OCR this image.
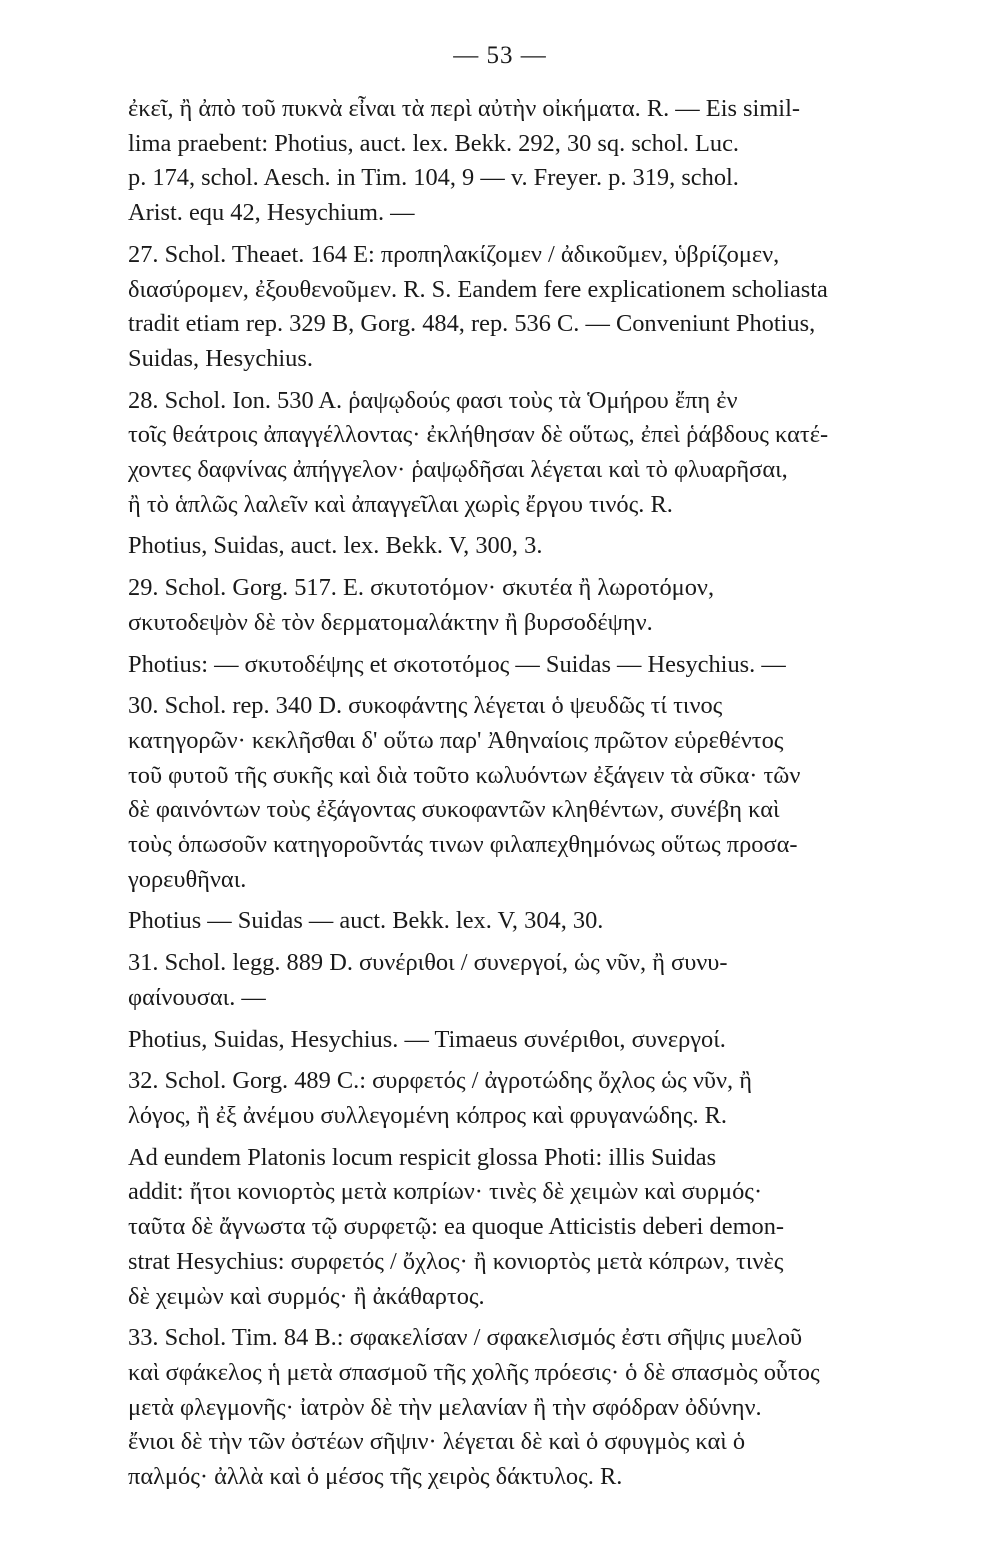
— 53 —
ἐκεῖ, ἢ ἀπὸ τοῦ πυκνὰ εἶναι τὰ περὶ αὐτὴν οἰκήματα. R. — Eis simil-
lima praebent: Photius, auct. lex. Bekk. 292, 30 sq. schol. Luc.
p. 174, schol. Aesch. in Tim. 104, 9 — v. Freyer. p. 319, schol.
Arist. equ 42, Hesychium. —
27. Schol. Theaet. 164 E: προπηλακίζομεν / ἀδικοῦμεν, ὑβρίζομεν,
διασύρομεν, ἐξουθενοῦμεν. R. S. Eandem fere explicationem scholiasta
tradit etiam rep. 329 B, Gorg. 484, rep. 536 C. — Conveniunt Photius,
Suidas, Hesychius.
28. Schol. Ion. 530 A. ῥαψῳδούς φασι τοὺς τὰ Ὁμήρου ἔπη ἐν
τοῖς θεάτροις ἀπαγγέλλοντας· ἐκλήθησαν δὲ οὕτως, ἐπεὶ ῥάβδους κατέ-
χοντες δαφνίνας ἀπήγγελον· ῥαψῳδῆσαι λέγεται καὶ τὸ φλυαρῆσαι,
ἢ τὸ ἁπλῶς λαλεῖν καὶ ἀπαγγεῖλαι χωρὶς ἔργου τινός. R.
Photius, Suidas, auct. lex. Bekk. V, 300, 3.
29. Schol. Gorg. 517. E. σκυτοτόμον· σκυτέα ἢ λωροτόμον,
σκυτοδεψὸν δὲ τὸν δερματομαλάκτην ἢ βυρσοδέψην.
Photius: — σκυτοδέψης et σκοτοτόμος — Suidas — Hesychius. —
30. Schol. rep. 340 D. συκοφάντης λέγεται ὁ ψευδῶς τί τινος
κατηγορῶν· κεκλῆσθαι δ' οὕτω παρ' Ἀθηναίοις πρῶτον εὑρεθέντος
τοῦ φυτοῦ τῆς συκῆς καὶ διὰ τοῦτο κωλυόντων ἐξάγειν τὰ σῦκα· τῶν
δὲ φαινόντων τοὺς ἐξάγοντας συκοφαντῶν κληθέντων, συνέβη καὶ
τοὺς ὁπωσοῦν κατηγοροῦντάς τινων φιλαπεχθημόνως οὕτως προσα-
γορευθῆναι.
Photius — Suidas — auct. Bekk. lex. V, 304, 30.
31. Schol. legg. 889 D. συνέριθοι / συνεργοί, ὡς νῦν, ἢ συνυ-
φαίνουσαι. —
Photius, Suidas, Hesychius. — Timaeus συνέριθοι, συνεργοί.
32. Schol. Gorg. 489 C.: συρφετός / ἀγροτώδης ὄχλος ὡς νῦν, ἢ
λόγος, ἢ ἐξ ἀνέμου συλλεγομένη κόπρος καὶ φρυγανώδης. R.
Ad eundem Platonis locum respicit glossa Photi: illis Suidas
addit: ἤτοι κονιορτὸς μετὰ κοπρίων· τινὲς δὲ χειμὼν καὶ συρμός·
ταῦτα δὲ ἄγνωστα τῷ συρφετῷ: ea quoque Atticistis deberi demon-
strat Hesychius: συρφετός / ὄχλος· ἢ κονιορτὸς μετὰ κόπρων, τινὲς
δὲ χειμὼν καὶ συρμός· ἢ ἀκάθαρτος.
33. Schol. Tim. 84 B.: σφακελίσαν / σφακελισμός ἐστι σῆψις μυελοῦ
καὶ σφάκελος ἡ μετὰ σπασμοῦ τῆς χολῆς πρόεσις· ὁ δὲ σπασμὸς οὗτος
μετὰ φλεγμονῆς· ἰατρὸν δὲ τὴν μελανίαν ἢ τὴν σφόδραν ὀδύνην.
ἔνιοι δὲ τὴν τῶν ὀστέων σῆψιν· λέγεται δὲ καὶ ὁ σφυγμὸς καὶ ὁ
παλμός· ἀλλὰ καὶ ὁ μέσος τῆς χειρὸς δάκτυλος. R.
